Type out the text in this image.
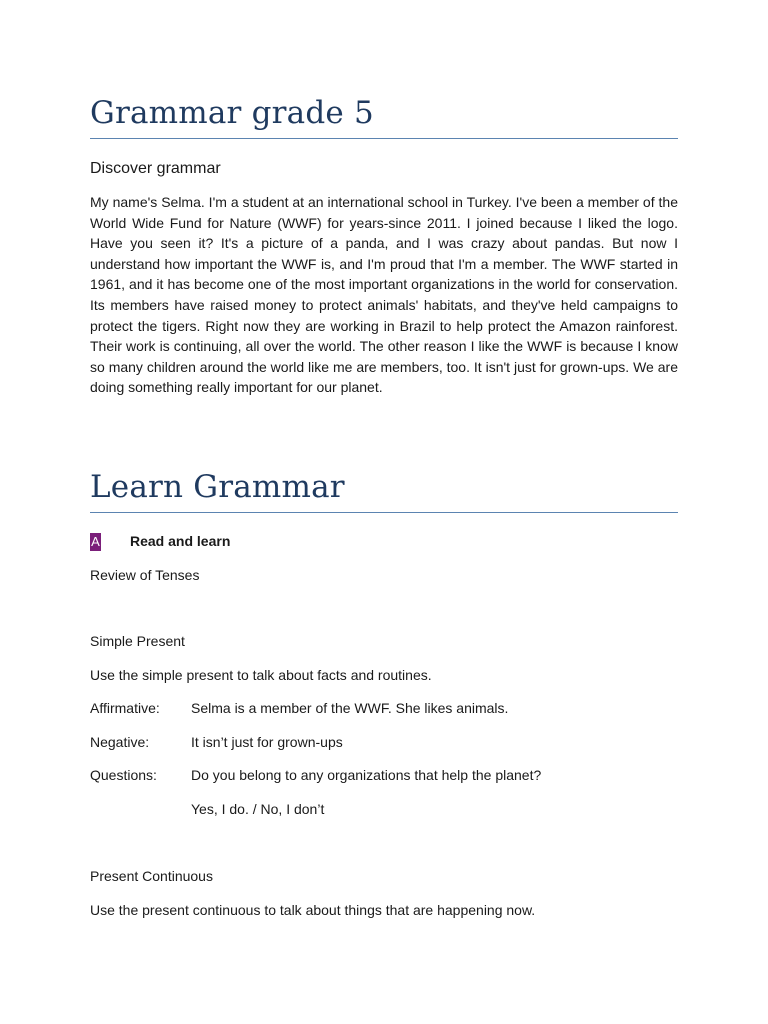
Grammar grade 5
Discover grammar

My name's Selma. I'm a student at an international school in Turkey. I've been a member of the World Wide Fund for Nature (WWF) for years-since 2011. I joined because I liked the logo. Have you seen it? It's a picture of a panda, and I was crazy about pandas. But now I understand how important the WWF is, and I'm proud that I'm a member. The WWF started in 1961, and it has become one of the most important organizations in the world for conservation. Its members have raised money to protect animals' habitats, and they've held campaigns to protect the tigers. Right now they are working in Brazil to help protect the Amazon rainforest. Their work is continuing, all over the world. The other reason I like the WWF is because I know so many children around the world like me are members, too. It isn't just for grown-ups. We are doing something really important for our planet.

Learn Grammar
A Read and learn
Review of Tenses
Simple Present
Use the simple present to talk about facts and routines.
Affirmative: Selma is a member of the WWF. She likes animals.
Negative:	It isn’t just for grown-ups
Questions: Do you belong to any organizations that help the planet?
Yes, I do. / No, I don’t
Present Continuous
Use the present continuous to talk about things that are happening now.
